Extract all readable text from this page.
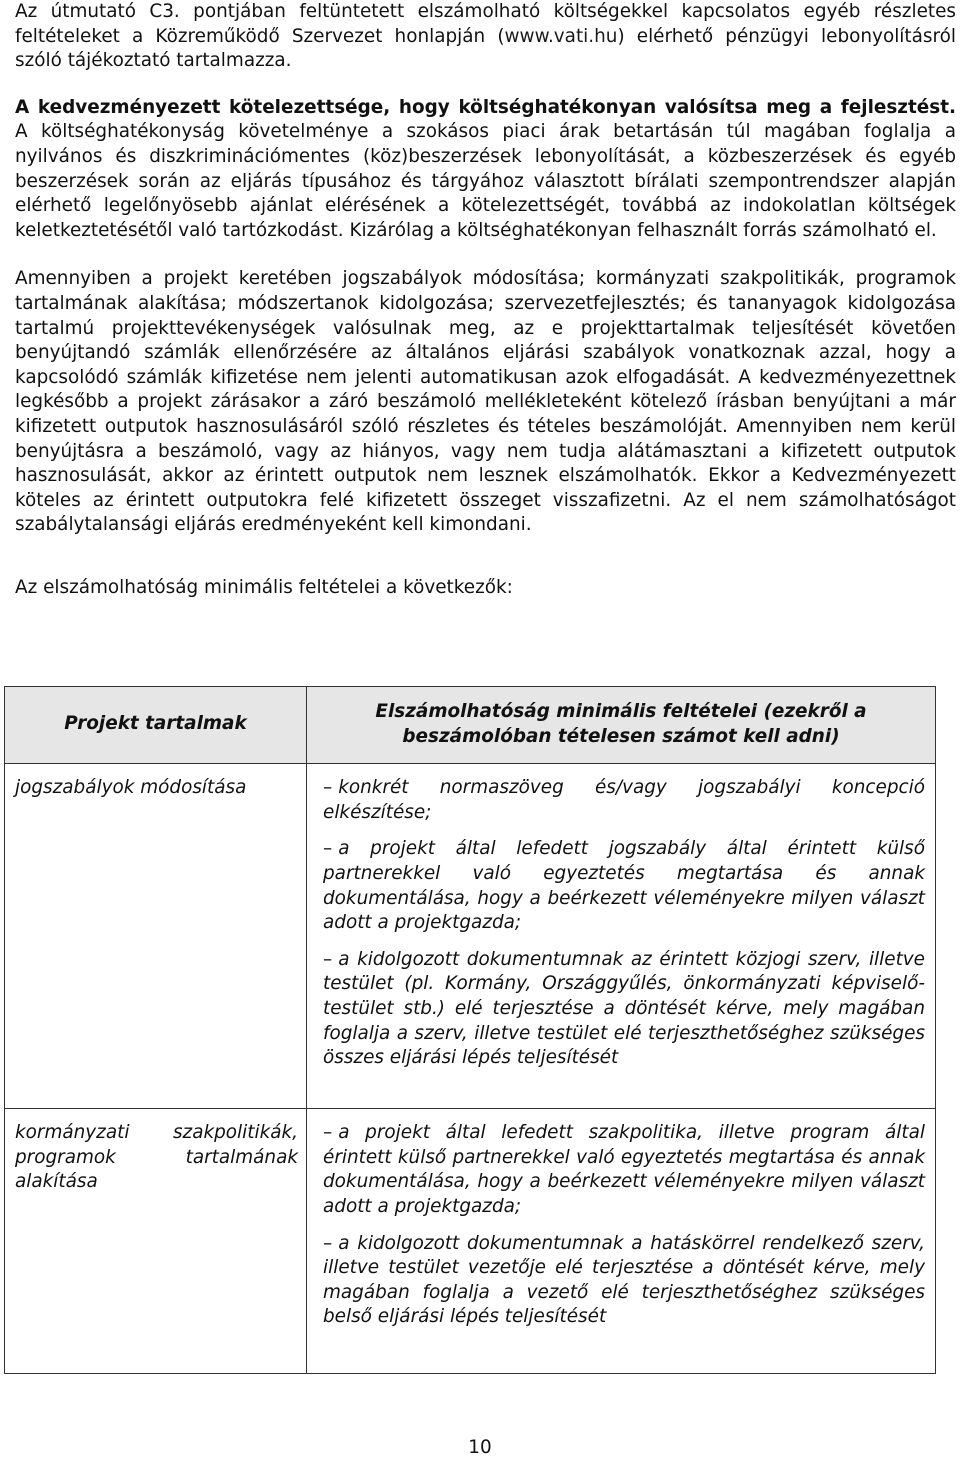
Az útmutató C3. pontjában feltüntetett elszámolható költségekkel kapcsolatos egyéb részletes feltételeket a Közreműködő Szervezet honlapján (www.vati.hu) elérhető pénzügyi lebonyolításról szóló tájékoztató tartalmazza.

A kedvezményezett kötelezettsége, hogy költséghatékonyan valósítsa meg a fejlesztést. A költséghatékonyság követelménye a szokásos piaci árak betartásán túl magában foglalja a nyilvános és diszkriminációmentes (köz)beszerzések lebonyolítását, a közbeszerzések és egyéb beszerzések során az eljárás típusához és tárgyához választott bírálati szempontrendszer alapján elérhető legelőnyösebb ajánlat elérésének a kötelezettségét, továbbá az indokolatlan költségek keletkeztetésétől való tartózkodást. Kizárólag a költséghatékonyan felhasznált forrás számolható el.

Amennyiben a projekt keretében jogszabályok módosítása; kormányzati szakpolitikák, programok tartalmának alakítása; módszertanok kidolgozása; szervezetfejlesztés; és tananyagok kidolgozása tartalmú projekttevékenységek valósulnak meg, az e projekttartalmak teljesítését követően benyújtandó számlák ellenőrzésére az általános eljárási szabályok vonatkoznak azzal, hogy a kapcsolódó számlák kifizetése nem jelenti automatikusan azok elfogadását. A kedvezményezettnek legkésőbb a projekt zárásakor a záró beszámoló mellékleteként kötelező írásban benyújtani a már kifizetett outputok hasznosulásáról szóló részletes és tételes beszámolóját. Amennyiben nem kerül benyújtásra a beszámoló, vagy az hiányos, vagy nem tudja alátámasztani a kifizetett outputok hasznosulását, akkor az érintett outputok nem lesznek elszámolhatók. Ekkor a Kedvezményezett köteles az érintett outputokra felé kifizetett összeget visszafizetni. Az el nem számolhatóságot szabálytalansági eljárás eredményeként kell kimondani.

Az elszámolhatóság minimális feltételei a következők:

Projekt tartalmak	Elszámolhatóság minimális feltételei (ezekről a beszámolóban tételesen számot kell adni)
jogszabályok módosítása	– konkrét normaszöveg és/vagy jogszabályi koncepció elkészítése;
– a projekt által lefedett jogszabály által érintett külső partnerekkel való egyeztetés megtartása és annak dokumentálása, hogy a beérkezett véleményekre milyen választ adott a projektgazda;
– a kidolgozott dokumentumnak az érintett közjogi szerv, illetve testület (pl. Kormány, Országgyűlés, önkormányzati képviselő-testület stb.) elé terjesztése a döntését kérve, mely magában foglalja a szerv, illetve testület elé terjeszthetőséghez szükséges összes eljárási lépés teljesítését

kormányzati szakpolitikák, programok tartalmának alakítása	– a projekt által lefedett szakpolitika, illetve program által érintett külső partnerekkel való egyeztetés megtartása és annak dokumentálása, hogy a beérkezett véleményekre milyen választ adott a projektgazda;
– a kidolgozott dokumentumnak a hatáskörrel rendelkező szerv, illetve testület vezetője elé terjesztése a döntését kérve, mely magában foglalja a vezető elé terjeszthetőséghez szükséges belső eljárási lépés teljesítését
10
